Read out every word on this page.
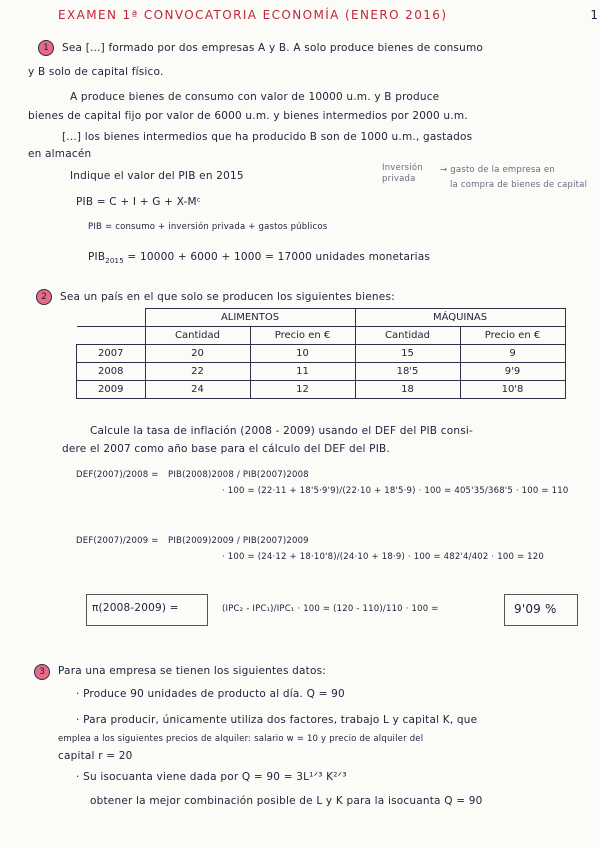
EXAMEN 1ª CONVOCATORIA ECONOMÍA (ENERO 2016)	1
1	Sea [...] formado por dos empresas A y B. A solo produce bienes de consumo
y B solo de capital físico.
A produce bienes de consumo con valor de 10000 u.m. y B produce
bienes de capital fijo por valor de 6000 u.m. y bienes intermedios por 2000 u.m.
[...] los bienes intermedios que ha producido B son de 1000 u.m., gastados
en almacén
Indique el valor del PIB en 2015
Inversión privada
→ gasto de la empresa en
la compra de bienes de capital
PIB = C + I + G + X-Mᶜ
PIB = consumo + inversión privada + gastos públicos
$PIB_{2015} = 10000 + 6000 + 1000 = 17000$ unidades monetarias
2	Sea un país en el que solo se producen los siguientes bienes:
	ALIMENTOS		MÁQUINAS	
	Cantidad	Precio en €	Cantidad	Precio en €
2007	20	10	15	9
2008	22	11	18'5	9'9
2009	24	12	18	10'8
Calcule la tasa de inflación (2008 - 2009) usando el DEF del PIB consi-
dere el 2007 como año base para el cálculo del DEF del PIB.
DEF(2007)/2008 = PIB(2008)2008 / PIB(2007)2008
· 100 = (22·11 + 18'5·9'9)/(22·10 + 18'5·9) · 100 = 405'35/368'5 · 100 = 110
DEF(2007)/2009 = PIB(2009)2009 / PIB(2007)2009
· 100 = (24·12 + 18·10'8)/(24·10 + 18·9) · 100 = 482'4/402 · 100 = 120
π(2008-2009) =	(IPC₂ - IPC₁)/IPC₁ · 100 = (120 - 110)/110 · 100 =	9'09 %
3	Para una empresa se tienen los siguientes datos:
· Produce 90 unidades de producto al día. Q = 90
· Para producir, únicamente utiliza dos factores, trabajo L y capital K, que
emplea a los siguientes precios de alquiler: salario w = 10 y precio de alquiler del
capital r = 20
· Su isocuanta viene dada por Q = 90 = 3L¹ᐟ³ K²ᐟ³
obtener la mejor combinación posible de L y K para la isocuanta Q = 90
